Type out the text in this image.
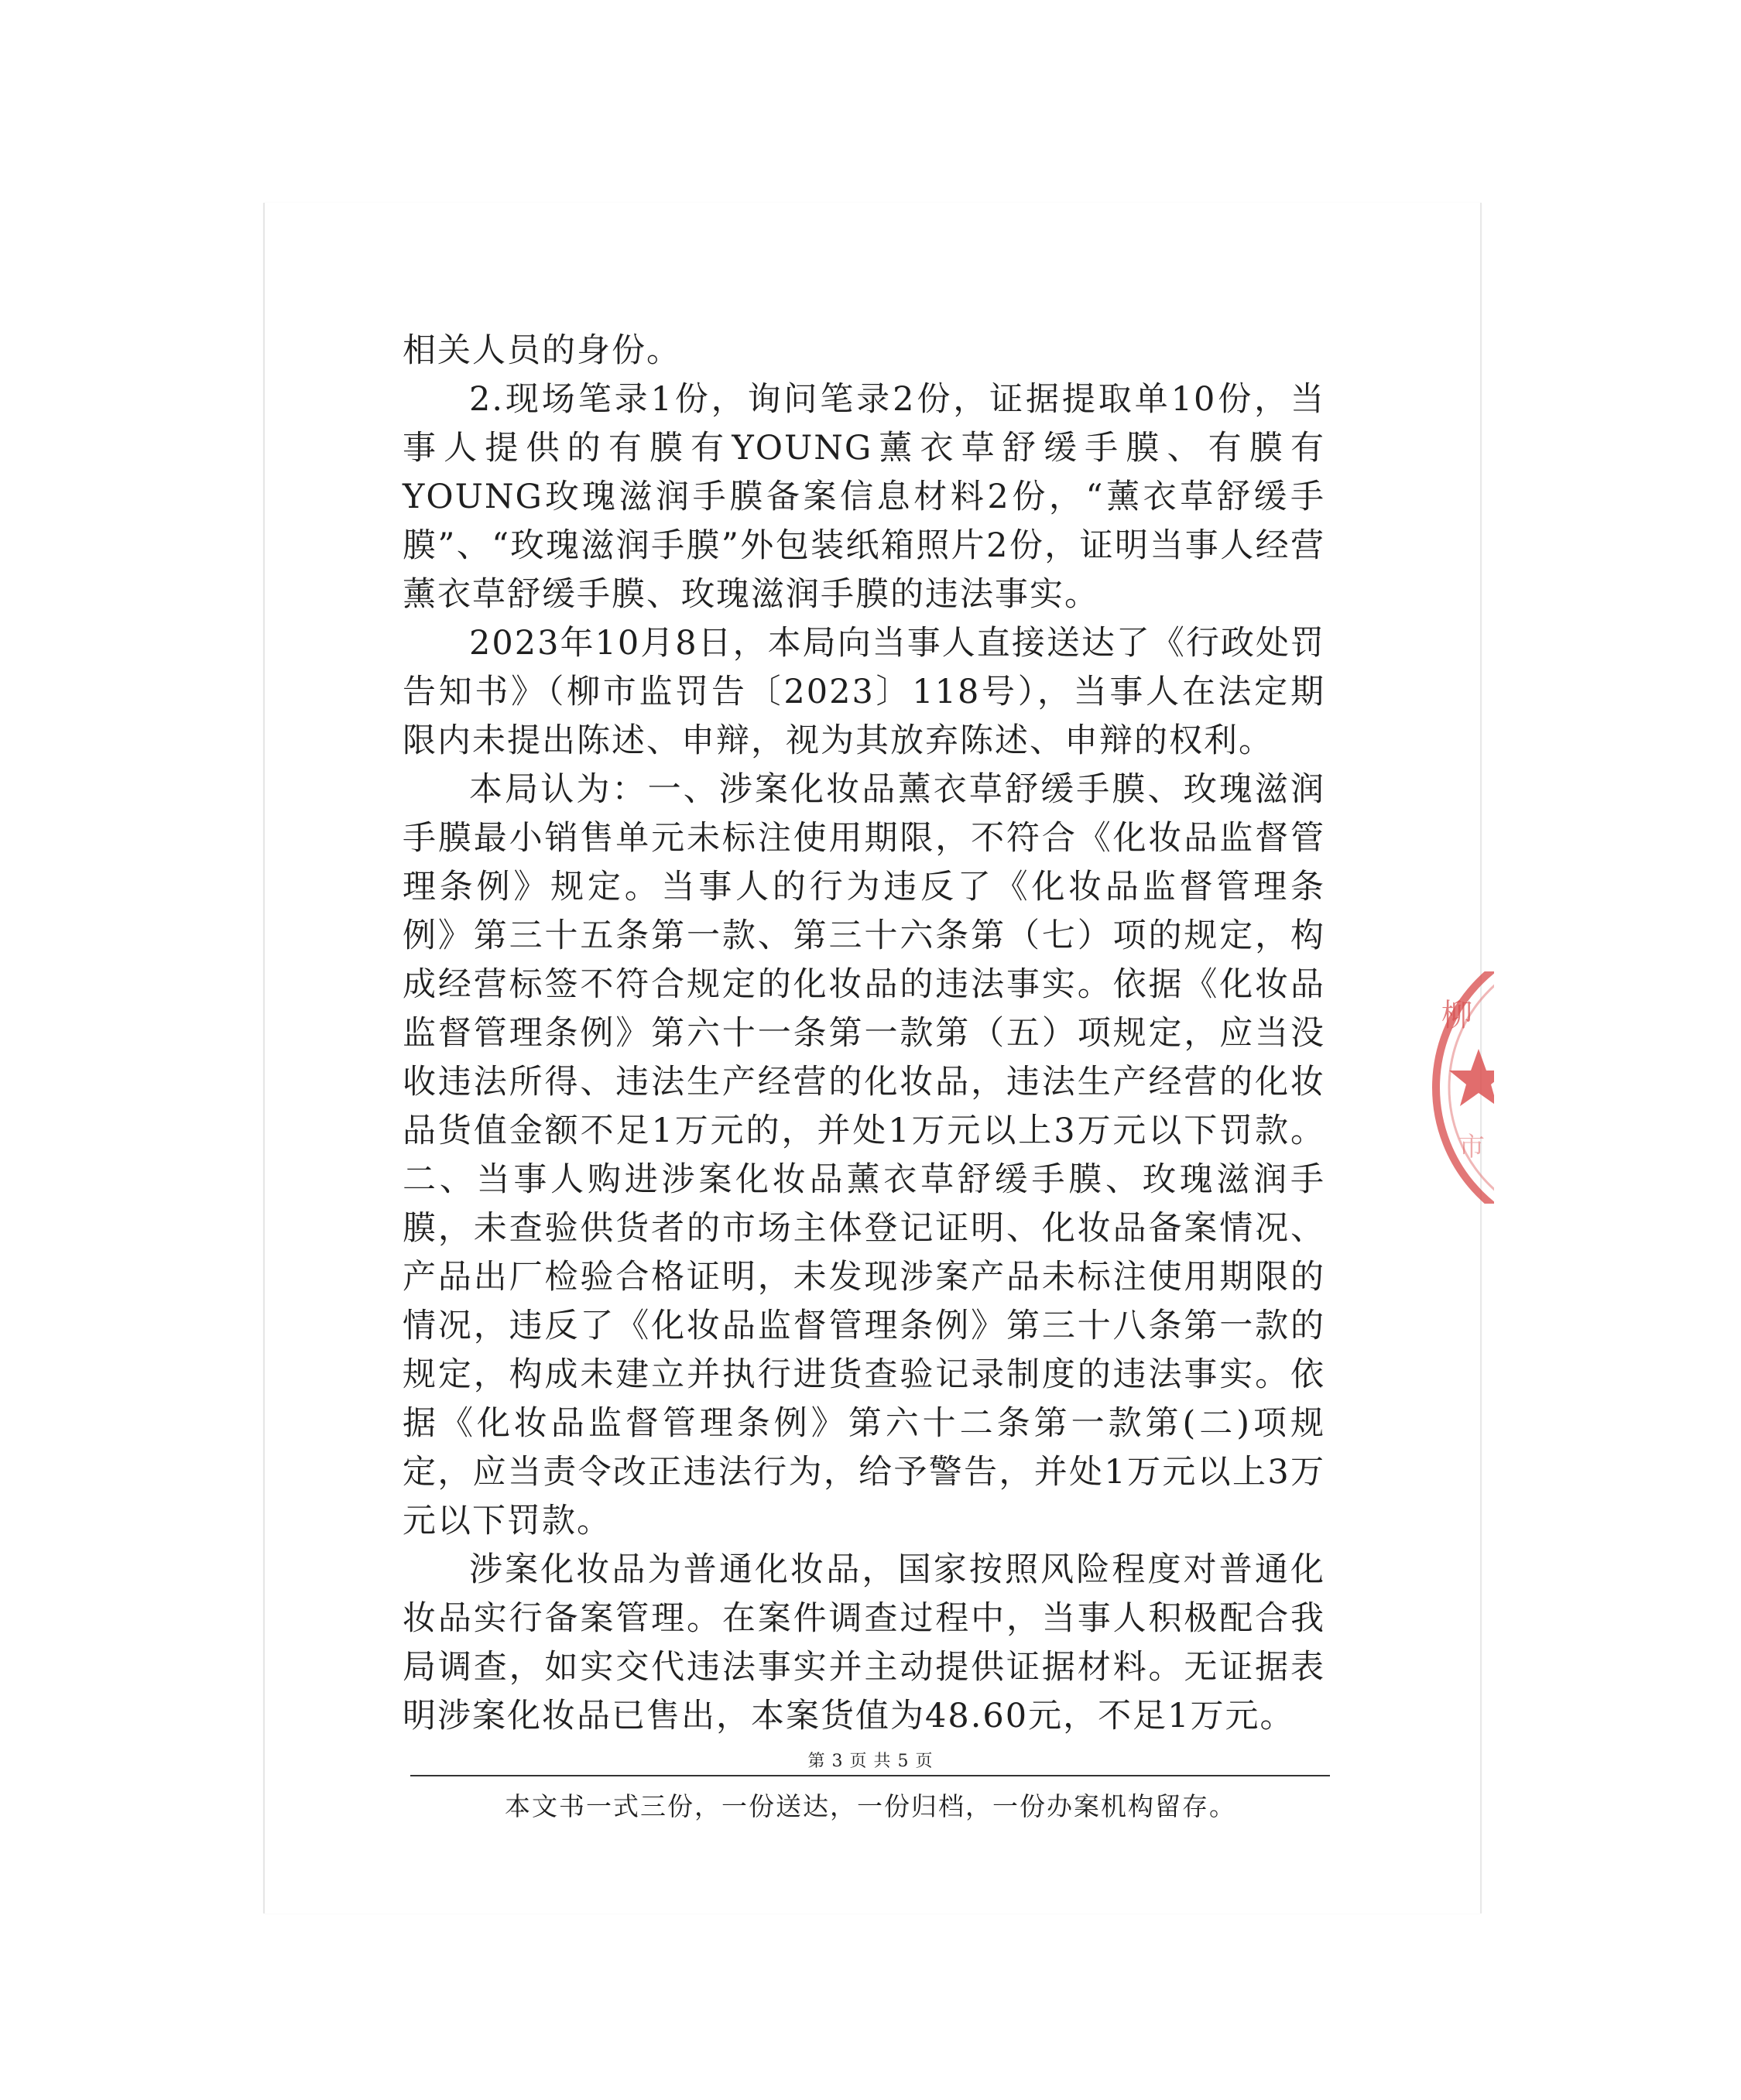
柳
市

相关人员的身份。

2.现场笔录1份，询问笔录2份，证据提取单10份，当事人提供的有膜有YOUNG薰衣草舒缓手膜、有膜有YOUNG玫瑰滋润手膜备案信息材料2份，“薰衣草舒缓手膜”、“玫瑰滋润手膜”外包装纸箱照片2份，证明当事人经营薰衣草舒缓手膜、玫瑰滋润手膜的违法事实。

2023年10月8日，本局向当事人直接送达了《行政处罚告知书》（柳市监罚告〔2023〕118号），当事人在法定期限内未提出陈述、申辩，视为其放弃陈述、申辩的权利。

本局认为：一、涉案化妆品薰衣草舒缓手膜、玫瑰滋润手膜最小销售单元未标注使用期限，不符合《化妆品监督管理条例》规定。当事人的行为违反了《化妆品监督管理条例》第三十五条第一款、第三十六条第（七）项的规定，构成经营标签不符合规定的化妆品的违法事实。依据《化妆品监督管理条例》第六十一条第一款第（五）项规定，应当没收违法所得、违法生产经营的化妆品，违法生产经营的化妆品货值金额不足1万元的，并处1万元以上3万元以下罚款。二、当事人购进涉案化妆品薰衣草舒缓手膜、玫瑰滋润手膜，未查验供货者的市场主体登记证明、化妆品备案情况、产品出厂检验合格证明，未发现涉案产品未标注使用期限的情况，违反了《化妆品监督管理条例》第三十八条第一款的规定，构成未建立并执行进货查验记录制度的违法事实。依据《化妆品监督管理条例》第六十二条第一款第(二)项规定，应当责令改正违法行为，给予警告，并处1万元以上3万元以下罚款。

涉案化妆品为普通化妆品，国家按照风险程度对普通化妆品实行备案管理。在案件调查过程中，当事人积极配合我局调查，如实交代违法事实并主动提供证据材料。无证据表明涉案化妆品已售出，本案货值为48.60元，不足1万元。

第 3 页 共 5 页
本文书一式三份，一份送达，一份归档，一份办案机构留存。
